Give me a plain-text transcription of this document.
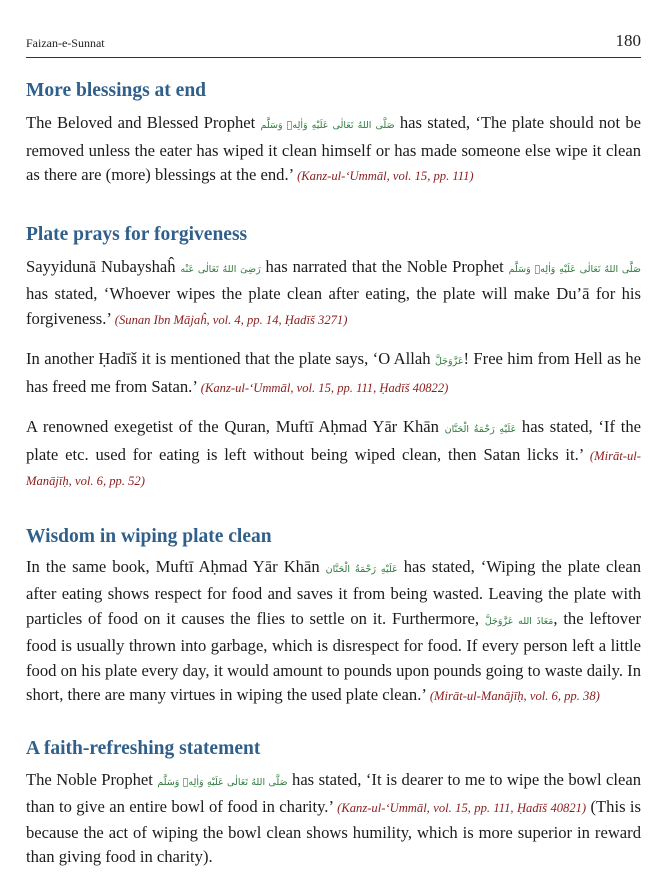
Faizan-e-Sunnat	180
More blessings at end

The Beloved and Blessed Prophet صَلَّى اللهُ تَعَالٰى عَلَيْهِ وَاٰلِهٖ وَسَلَّم has stated, ‘The plate should not be removed unless the eater has wiped it clean himself or has made someone else wipe it clean as there are (more) blessings at the end.’ (Kanz-ul-‘Ummāl, vol. 15, pp. 111)

Plate prays for forgiveness

Sayyidunā Nubayshaĥ رَضِىَ اللهُ تَعَالٰى عَنْه has narrated that the Noble Prophet صَلَّى اللهُ تَعَالٰى عَلَيْهِ وَاٰلِهٖ وَسَلَّم has stated, ‘Whoever wipes the plate clean after eating, the plate will make Du’ā for his forgiveness.’ (Sunan Ibn Mājaĥ, vol. 4, pp. 14, Ḥadīš 3271)

In another Ḥadīš it is mentioned that the plate says, ‘O Allah عَزَّوَجَلَّ! Free him from Hell as he has freed me from Satan.’ (Kanz-ul-‘Ummāl, vol. 15, pp. 111, Ḥadīš 40822)

A renowned exegetist of the Quran, Muftī Aḥmad Yār Khān عَلَيْهِ رَحْمَةُ الْحَنَّان has stated, ‘If the plate etc. used for eating is left without being wiped clean, then Satan licks it.’ (Mirāt-ul-Manājīḥ, vol. 6, pp. 52)

Wisdom in wiping plate clean

In the same book, Muftī Aḥmad Yār Khān عَلَيْهِ رَحْمَةُ الْحَنَّان has stated, ‘Wiping the plate clean after eating shows respect for food and saves it from being wasted. Leaving the plate with particles of food on it causes the flies to settle on it. Furthermore, مَعَاذَ الله عَزَّوَجَلَّ, the leftover food is usually thrown into garbage, which is disrespect for food. If every person left a little food on his plate every day, it would amount to pounds upon pounds going to waste daily. In short, there are many virtues in wiping the used plate clean.’ (Mirāt-ul-Manājīḥ, vol. 6, pp. 38)

A faith-refreshing statement

The Noble Prophet صَلَّى اللهُ تَعَالٰى عَلَيْهِ وَاٰلِهٖ وَسَلَّم has stated, ‘It is dearer to me to wipe the bowl clean than to give an entire bowl of food in charity.’ (Kanz-ul-‘Ummāl, vol. 15, pp. 111, Ḥadīš 40821) (This is because the act of wiping the bowl clean shows humility, which is more superior in reward than giving food in charity).
